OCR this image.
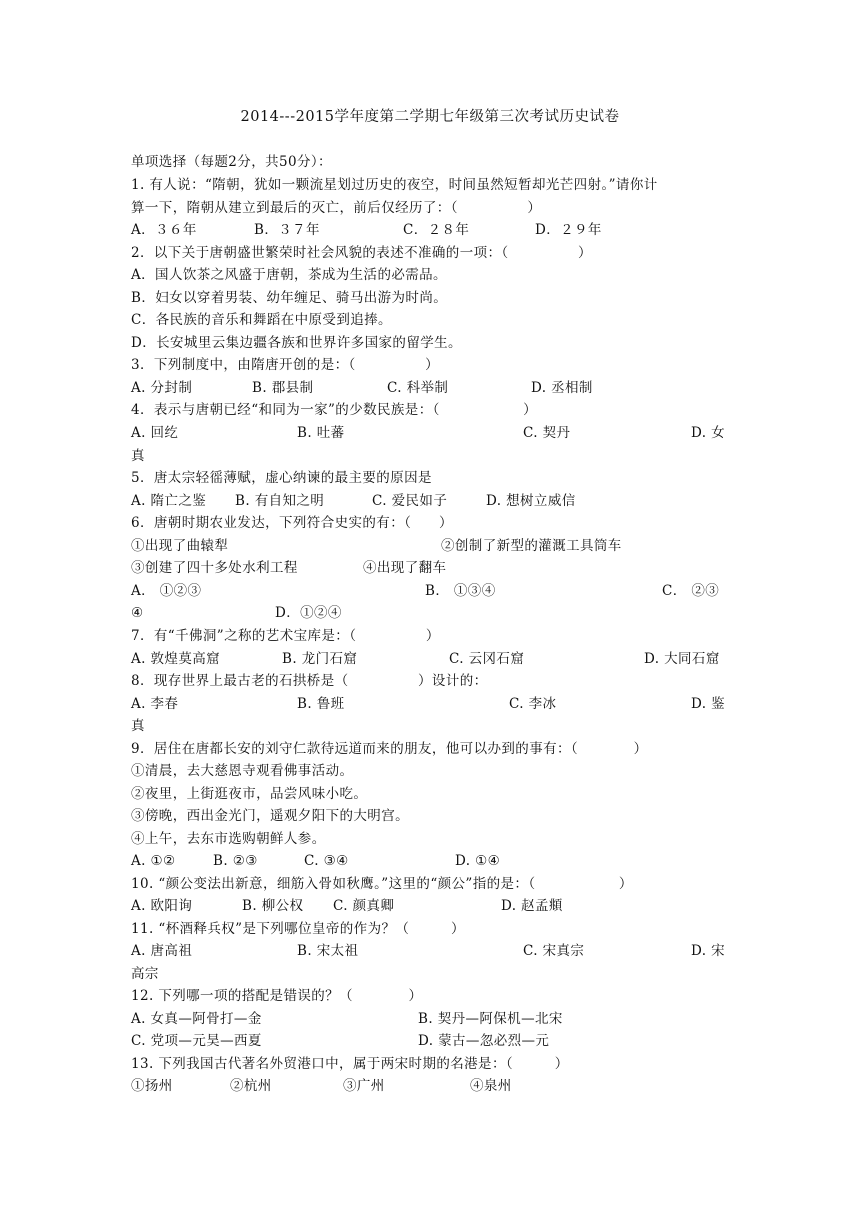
2014---2015学年度第二学期七年级第三次考试历史试卷
单项选择（每题2分，共50分）：
1. 有人说：“隋朝，犹如一颗流星划过历史的夜空，时间虽然短暂却光芒四射。”请你计
算一下，隋朝从建立到最后的灭亡，前后仅经历了：（　　　　　）

A．３６年

	B．３７年

	C．２８年

	D．２９年

2．以下关于唐朝盛世繁荣时社会风貌的表述不准确的一项：（　　　　　）
A．国人饮茶之风盛于唐朝，茶成为生活的必需品。
B．妇女以穿着男装、幼年缠足、骑马出游为时尚。
C．各民族的音乐和舞蹈在中原受到追捧。
D．长安城里云集边疆各族和世界许多国家的留学生。
3．下列制度中，由隋唐开创的是：（　　　　　）

A. 分封制

	B. 郡县制

	C. 科举制

	D. 丞相制

4．表示与唐朝已经“和同为一家”的少数民族是：（　　　　　　）

A. 回纥

	B. 吐蕃

	C. 契丹

	D. 女

真
5．唐太宗轻徭薄赋，虚心纳谏的最主要的原因是

A. 隋亡之鉴

B. 有自知之明

	C. 爱民如子

	D. 想树立威信

6．唐朝时期农业发达，下列符合史实的有：（　　）

①出现了曲辕犁

	②创制了新型的灌溉工具筒车

③创建了四十多处水利工程

	④出现了翻车

A． ①②③

	B． ①③④

	C． ②③

④

	D．①②④

7．有“千佛洞”之称的艺术宝库是：（　　　　　）

A. 敦煌莫高窟

	B. 龙门石窟

	C. 云冈石窟

	D. 大同石窟

8．现存世界上最古老的石拱桥是（　　　　　）设计的：

A. 李春

	B. 鲁班

	C. 李冰

	D. 鉴

真
9．居住在唐都长安的刘守仁款待远道而来的朋友，他可以办到的事有：（　　　　）
①清晨，去大慈恩寺观看佛事活动。
②夜里，上街逛夜市，品尝风味小吃。
③傍晚，西出金光门，遥观夕阳下的大明宫。
④上午，去东市选购朝鲜人参。

A. ①②

	B. ②③

	C. ③④

	D. ①④

10. “颜公变法出新意，细筋入骨如秋鹰。”这里的“颜公”指的是：（　　　　　　）

A. 欧阳询

	B. 柳公权

C. 颜真卿

	D. 赵孟頫

11. “杯酒释兵权”是下列哪位皇帝的作为？（　　　）

A. 唐高祖

	B. 宋太祖

	C. 宋真宗

	D. 宋

高宗
12. 下列哪一项的搭配是错误的？（　　　　）

A. 女真—阿骨打—金

	B. 契丹—阿保机—北宋

C. 党项—元昊—西夏

	D. 蒙古—忽必烈—元

13. 下列我国古代著名外贸港口中，属于两宋时期的名港是：（　　　）

①扬州

	②杭州

	③广州

	④泉州
